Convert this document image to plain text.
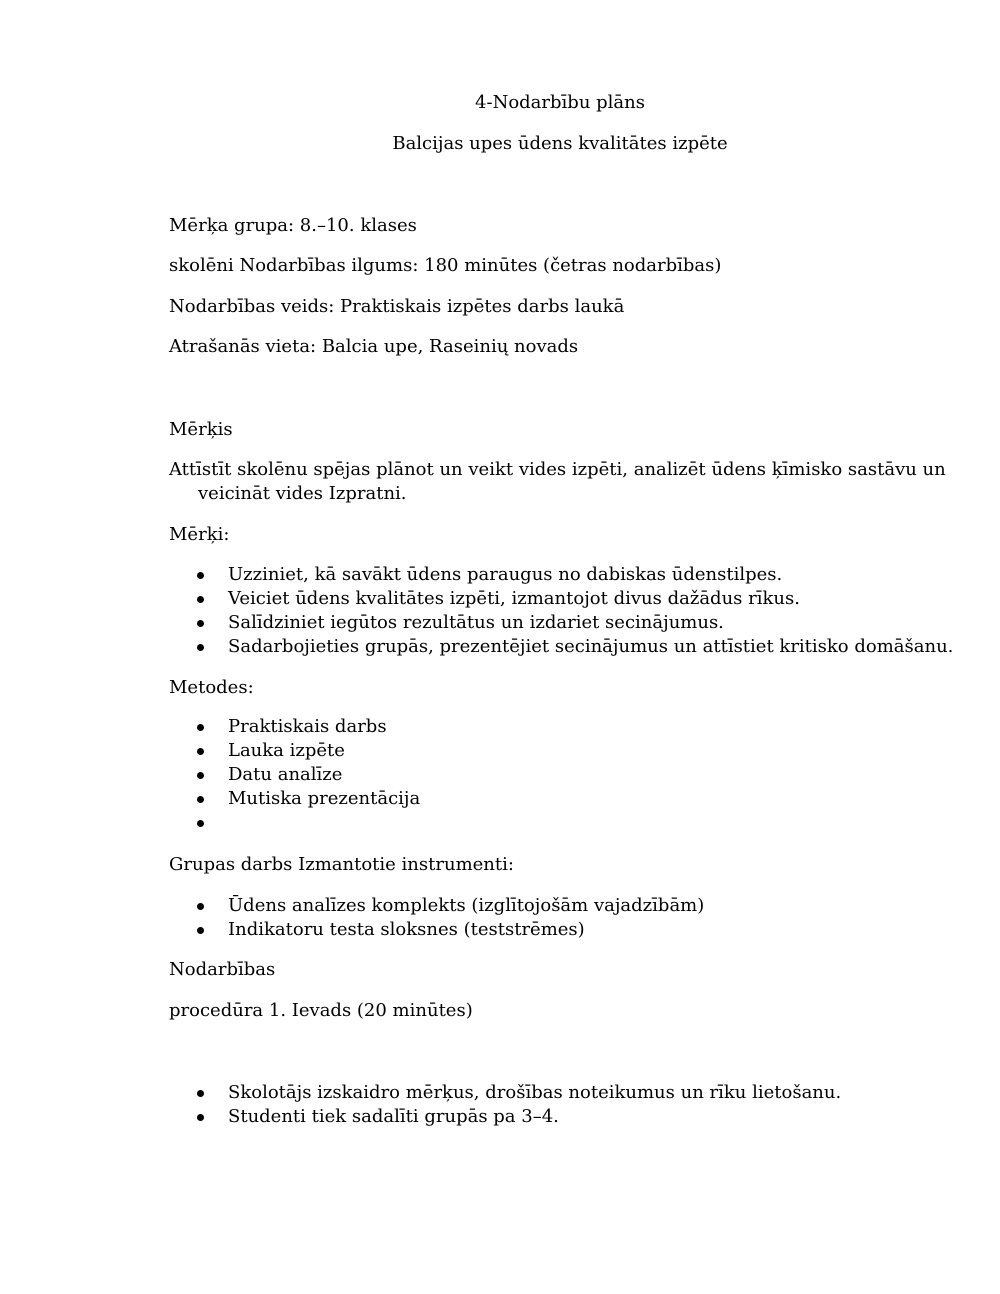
4-Nodarbību plāns
Balcijas upes ūdens kvalitātes izpēte
Mērķa grupa: 8.–10. klases
skolēni Nodarbības ilgums: 180 minūtes (četras nodarbības)
Nodarbības veids: Praktiskais izpētes darbs laukā
Atrašanās vieta: Balcia upe, Raseinių novads
Mērķis
Attīstīt skolēnu spējas plānot un veikt vides izpēti, analizēt ūdens ķīmisko sastāvu un veicināt vides Izpratni.
Mērķi:
Uzziniet, kā savākt ūdens paraugus no dabiskas ūdenstilpes.
Veiciet ūdens kvalitātes izpēti, izmantojot divus dažādus rīkus.
Salīdziniet iegūtos rezultātus un izdariet secinājumus.
Sadarbojieties grupās, prezentējiet secinājumus un attīstiet kritisko domāšanu.
Metodes:
Praktiskais darbs
Lauka izpēte
Datu analīze
Mutiska prezentācija
Grupas darbs Izmantotie instrumenti:
Ūdens analīzes komplekts (izglītojošām vajadzībām)
Indikatoru testa sloksnes (teststrēmes)
Nodarbības
procedūra 1. Ievads (20 minūtes)
Skolotājs izskaidro mērķus, drošības noteikumus un rīku lietošanu.
Studenti tiek sadalīti grupās pa 3–4.
